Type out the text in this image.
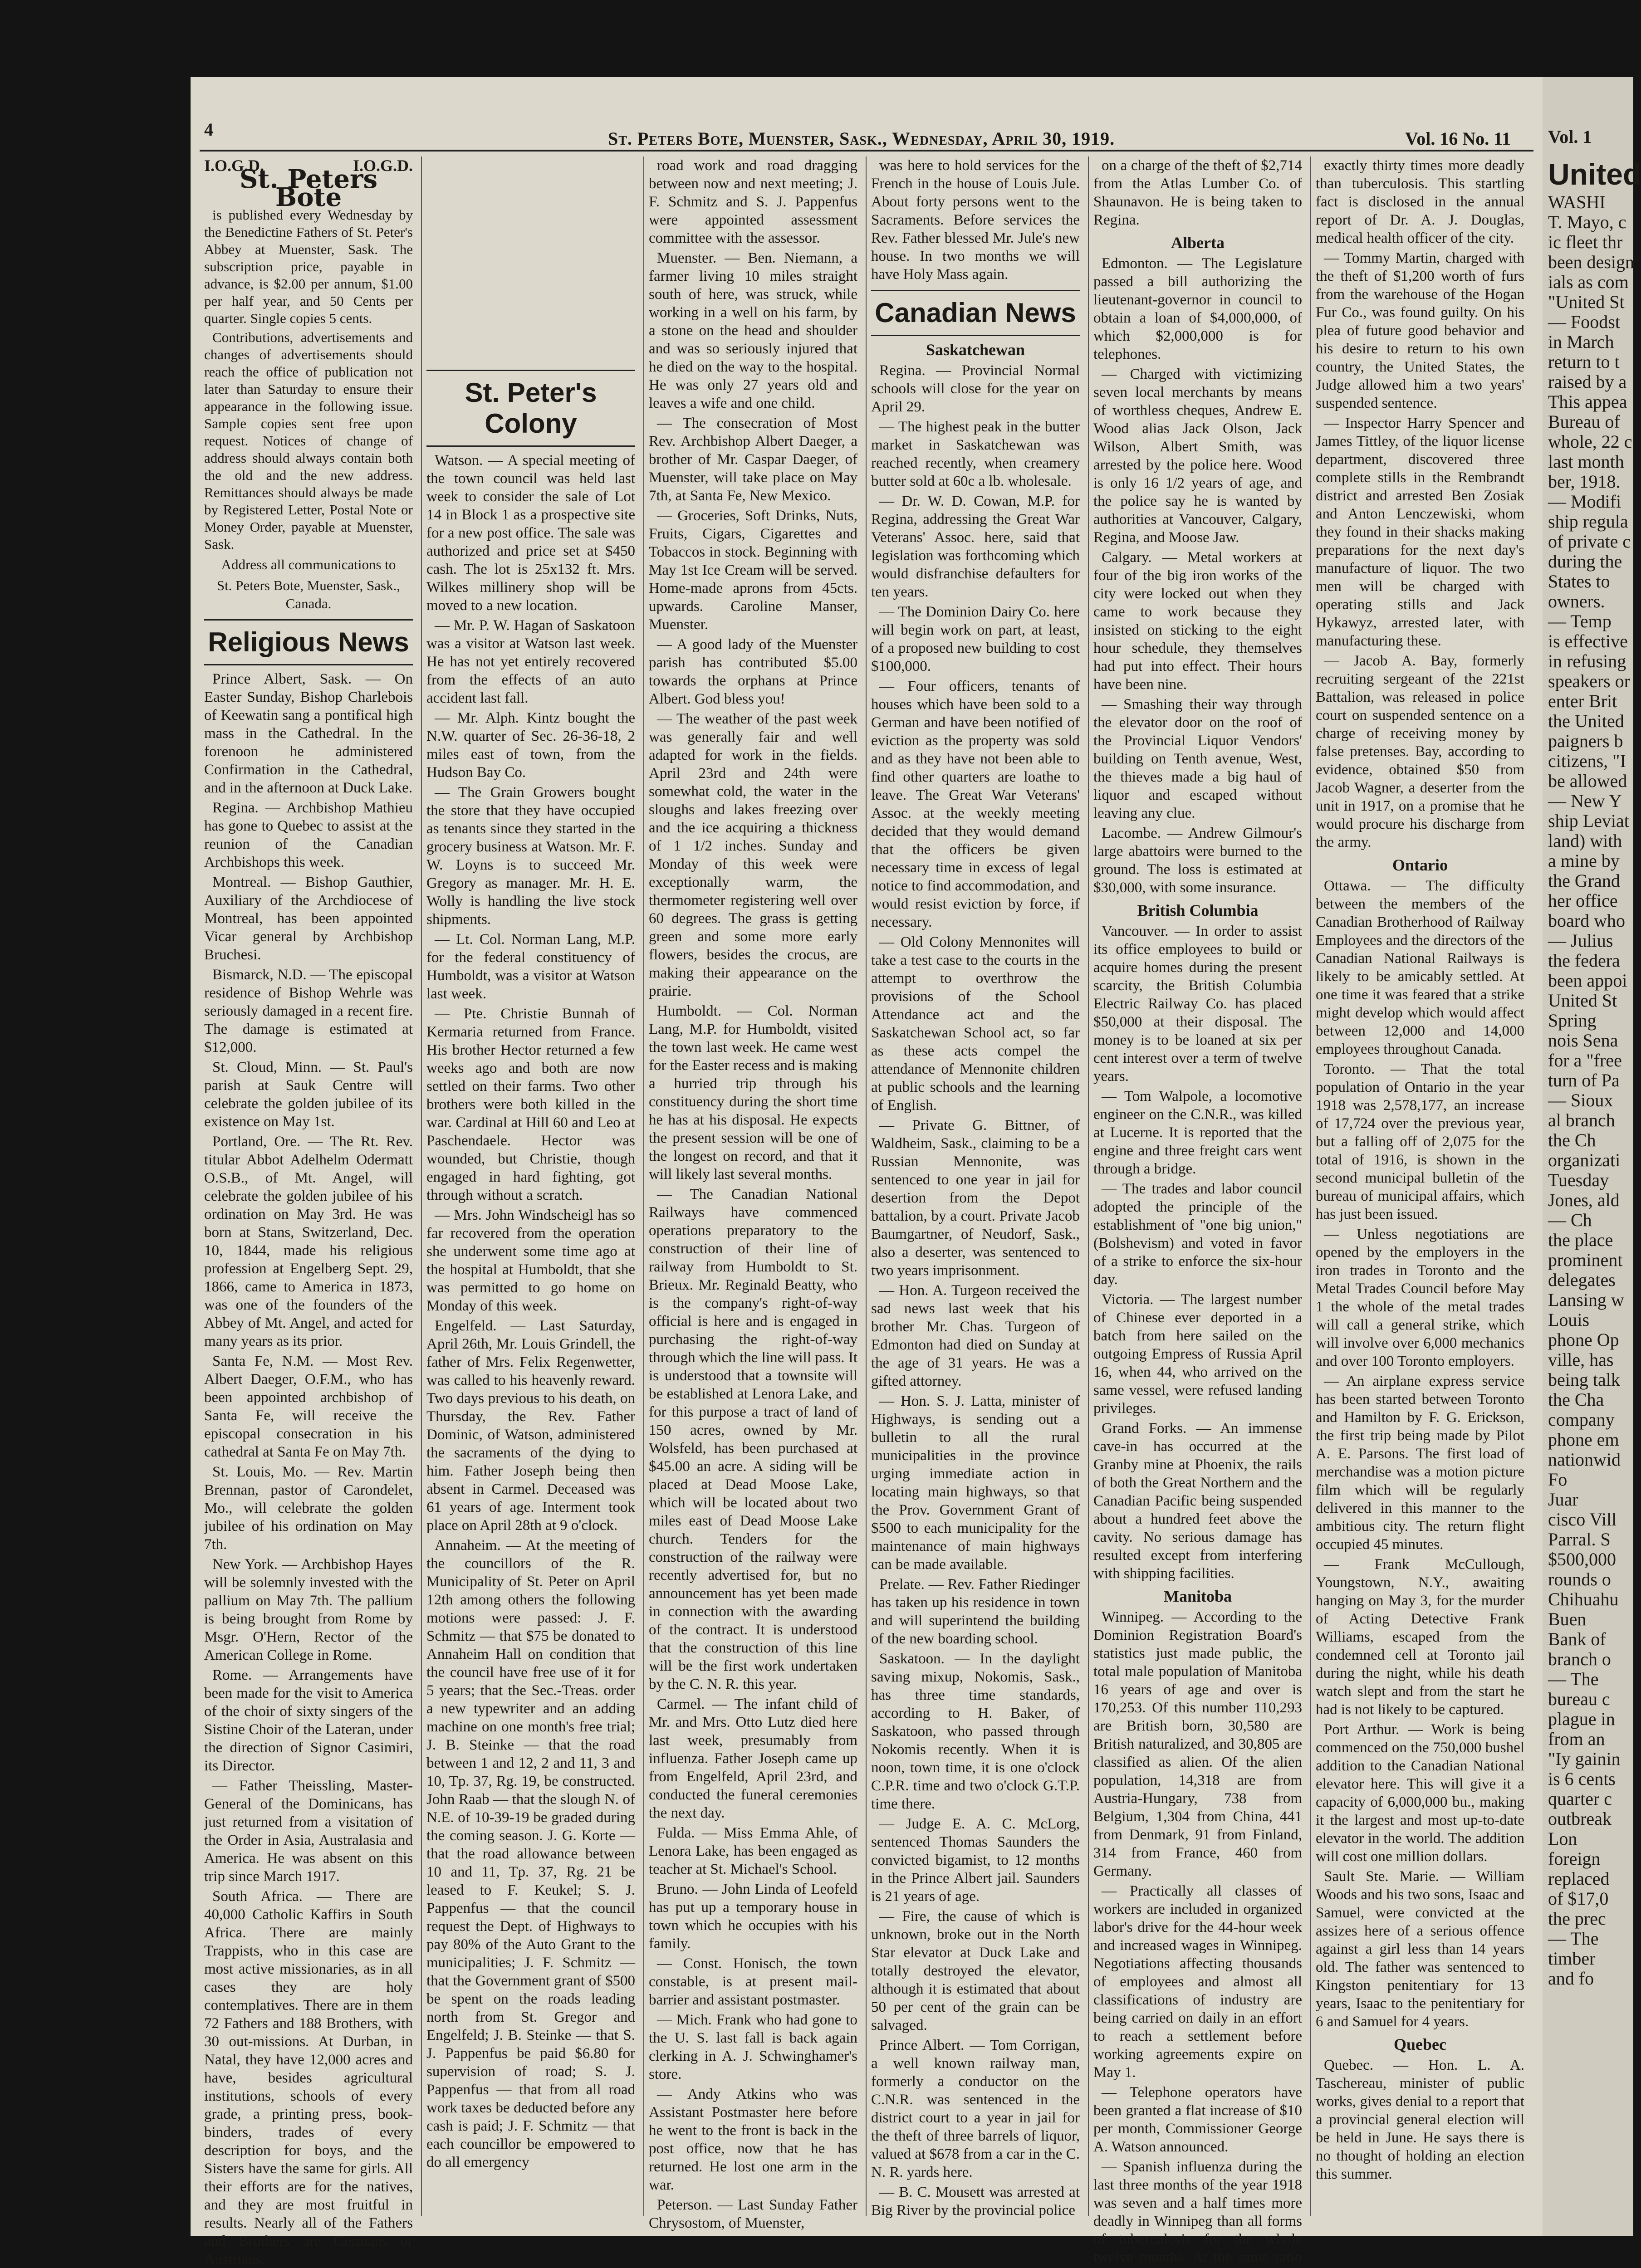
4	St. Peters Bote, Muenster, Sask., Wednesday, April 30, 1919.	Vol. 16 No. 11
I.O.G.D.	I.O.G.D.
St. Peters Bote

is published every Wednesday by the Benedictine Fathers of St. Peter's Abbey at Muenster, Sask. The subscription price, payable in advance, is $2.00 per annum, $1.00 per half year, and 50 Cents per quarter. Single copies 5 cents.

Contributions, advertisements and changes of advertisements should reach the office of publication not later than Saturday to ensure their appearance in the following issue. Sample copies sent free upon request. Notices of change of address should always contain both the old and the new address. Remittances should always be made by Registered Letter, Postal Note or Money Order, payable at Muenster, Sask.

Address all communications to
St. Peters Bote, Muenster, Sask., Canada.
Religious News

Prince Albert, Sask. — On Easter Sunday, Bishop Charlebois of Keewatin sang a pontifical high mass in the Cathedral. In the forenoon he administered Confirmation in the Cathedral, and in the afternoon at Duck Lake.

Regina. — Archbishop Mathieu has gone to Quebec to assist at the reunion of the Canadian Archbishops this week.

Montreal. — Bishop Gauthier, Auxiliary of the Archdiocese of Montreal, has been appointed Vicar general by Archbishop Bruchesi.

Bismarck, N.D. — The episcopal residence of Bishop Wehrle was seriously damaged in a recent fire. The damage is estimated at $12,000.

St. Cloud, Minn. — St. Paul's parish at Sauk Centre will celebrate the golden jubilee of its existence on May 1st.

Portland, Ore. — The Rt. Rev. titular Abbot Adelhelm Odermatt O.S.B., of Mt. Angel, will celebrate the golden jubilee of his ordination on May 3rd. He was born at Stans, Switzerland, Dec. 10, 1844, made his religious profession at Engelberg Sept. 29, 1866, came to America in 1873, was one of the founders of the Abbey of Mt. Angel, and acted for many years as its prior.

Santa Fe, N.M. — Most Rev. Albert Daeger, O.F.M., who has been appointed archbishop of Santa Fe, will receive the episcopal consecration in his cathedral at Santa Fe on May 7th.

St. Louis, Mo. — Rev. Martin Brennan, pastor of Carondelet, Mo., will celebrate the golden jubilee of his ordination on May 7th.

New York. — Archbishop Hayes will be solemnly invested with the pallium on May 7th. The pallium is being brought from Rome by Msgr. O'Hern, Rector of the American College in Rome.

Rome. — Arrangements have been made for the visit to America of the choir of sixty singers of the Sistine Choir of the Lateran, under the direction of Signor Casimiri, its Director.

— Father Theissling, Master-General of the Dominicans, has just returned from a visitation of the Order in Asia, Australasia and America. He was absent on this trip since March 1917.

South Africa. — There are 40,000 Catholic Kaffirs in South Africa. There are mainly Trappists, who in this case are most active missionaries, as in all cases they are holy contemplatives. There are in them 72 Fathers and 188 Brothers, with 30 out-missions. At Durban, in Natal, they have 12,000 acres and have, besides agricultural institutions, schools of every grade, a printing press, book-binders, trades of every description for boys, and the Sisters have the same for girls. All their efforts are for the natives, and they are most fruitful in results. Nearly all of the Fathers and Brothers are Germans or Austrians.

St. Peter's Colony

Watson. — A special meeting of the town council was held last week to consider the sale of Lot 14 in Block 1 as a prospective site for a new post office. The sale was authorized and price set at $450 cash. The lot is 25x132 ft. Mrs. Wilkes millinery shop will be moved to a new location.

— Mr. P. W. Hagan of Saskatoon was a visitor at Watson last week. He has not yet entirely recovered from the effects of an auto accident last fall.

— Mr. Alph. Kintz bought the N.W. quarter of Sec. 26-36-18, 2 miles east of town, from the Hudson Bay Co.

— The Grain Growers bought the store that they have occupied as tenants since they started in the grocery business at Watson. Mr. F. W. Loyns is to succeed Mr. Gregory as manager. Mr. H. E. Wolly is handling the live stock shipments.

— Lt. Col. Norman Lang, M.P. for the federal constituency of Humboldt, was a visitor at Watson last week.

— Pte. Christie Bunnah of Kermaria returned from France. His brother Hector returned a few weeks ago and both are now settled on their farms. Two other brothers were both killed in the war. Cardinal at Hill 60 and Leo at Paschendaele. Hector was wounded, but Christie, though engaged in hard fighting, got through without a scratch.

— Mrs. John Windscheigl has so far recovered from the operation she underwent some time ago at the hospital at Humboldt, that she was permitted to go home on Monday of this week.

Engelfeld. — Last Saturday, April 26th, Mr. Louis Grindell, the father of Mrs. Felix Regenwetter, was called to his heavenly reward. Two days previous to his death, on Thursday, the Rev. Father Dominic, of Watson, administered the sacraments of the dying to him. Father Joseph being then absent in Carmel. Deceased was 61 years of age. Interment took place on April 28th at 9 o'clock.

Annaheim. — At the meeting of the councillors of the R. Municipality of St. Peter on April 12th among others the following motions were passed: J. F. Schmitz — that $75 be donated to Annaheim Hall on condition that the council have free use of it for 5 years; that the Sec.-Treas. order a new typewriter and an adding machine on one month's free trial; J. B. Steinke — that the road between 1 and 12, 2 and 11, 3 and 10, Tp. 37, Rg. 19, be constructed. John Raab — that the slough N. of N.E. of 10-39-19 be graded during the coming season. J. G. Korte — that the road allowance between 10 and 11, Tp. 37, Rg. 21 be leased to F. Keukel; S. J. Pappenfus — that the council request the Dept. of Highways to pay 80% of the Auto Grant to the municipalities; J. F. Schmitz — that the Government grant of $500 be spent on the roads leading north from St. Gregor and Engelfeld; J. B. Steinke — that S. J. Pappenfus be paid $6.80 for supervision of road; S. J. Pappenfus — that from all road work taxes be deducted before any cash is paid; J. F. Schmitz — that each councillor be empowered to do all emergency

road work and road dragging between now and next meeting; J. F. Schmitz and S. J. Pappenfus were appointed assessment committee with the assessor.

Muenster. — Ben. Niemann, a farmer living 10 miles straight south of here, was struck, while working in a well on his farm, by a stone on the head and shoulder and was so seriously injured that he died on the way to the hospital. He was only 27 years old and leaves a wife and one child.

— The consecration of Most Rev. Archbishop Albert Daeger, a brother of Mr. Caspar Daeger, of Muenster, will take place on May 7th, at Santa Fe, New Mexico.

— Groceries, Soft Drinks, Nuts, Fruits, Cigars, Cigarettes and Tobaccos in stock. Beginning with May 1st Ice Cream will be served. Home-made aprons from 45cts. upwards. Caroline Manser, Muenster.

— A good lady of the Muenster parish has contributed $5.00 towards the orphans at Prince Albert. God bless you!

— The weather of the past week was generally fair and well adapted for work in the fields. April 23rd and 24th were somewhat cold, the water in the sloughs and lakes freezing over and the ice acquiring a thickness of 1 1/2 inches. Sunday and Monday of this week were exceptionally warm, the thermometer registering well over 60 degrees. The grass is getting green and some more early flowers, besides the crocus, are making their appearance on the prairie.

Humboldt. — Col. Norman Lang, M.P. for Humboldt, visited the town last week. He came west for the Easter recess and is making a hurried trip through his constituency during the short time he has at his disposal. He expects the present session will be one of the longest on record, and that it will likely last several months.

— The Canadian National Railways have commenced operations preparatory to the construction of their line of railway from Humboldt to St. Brieux. Mr. Reginald Beatty, who is the company's right-of-way official is here and is engaged in purchasing the right-of-way through which the line will pass. It is understood that a townsite will be established at Lenora Lake, and for this purpose a tract of land of 150 acres, owned by Mr. Wolsfeld, has been purchased at $45.00 an acre. A siding will be placed at Dead Moose Lake, which will be located about two miles east of Dead Moose Lake church. Tenders for the construction of the railway were recently advertised for, but no announcement has yet been made in connection with the awarding of the contract. It is understood that the construction of this line will be the first work undertaken by the C. N. R. this year.

Carmel. — The infant child of Mr. and Mrs. Otto Lutz died here last week, presumably from influenza. Father Joseph came up from Engelfeld, April 23rd, and conducted the funeral ceremonies the next day.

Fulda. — Miss Emma Ahle, of Lenora Lake, has been engaged as teacher at St. Michael's School.

Bruno. — John Linda of Leofeld has put up a temporary house in town which he occupies with his family.

— Const. Honisch, the town constable, is at present mail-barrier and assistant postmaster.

— Mich. Frank who had gone to the U. S. last fall is back again clerking in A. J. Schwinghamer's store.

— Andy Atkins who was Assistant Postmaster here before he went to the front is back in the post office, now that he has returned. He lost one arm in the war.

Peterson. — Last Sunday Father Chrysostom, of Muenster,

was here to hold services for the French in the house of Louis Jule. About forty persons went to the Sacraments. Before services the Rev. Father blessed Mr. Jule's new house. In two months we will have Holy Mass again.

Canadian News
Saskatchewan

Regina. — Provincial Normal schools will close for the year on April 29.

— The highest peak in the butter market in Saskatchewan was reached recently, when creamery butter sold at 60c a lb. wholesale.

— Dr. W. D. Cowan, M.P. for Regina, addressing the Great War Veterans' Assoc. here, said that legislation was forthcoming which would disfranchise defaulters for ten years.

— The Dominion Dairy Co. here will begin work on part, at least, of a proposed new building to cost $100,000.

— Four officers, tenants of houses which have been sold to a German and have been notified of eviction as the property was sold and as they have not been able to find other quarters are loathe to leave. The Great War Veterans' Assoc. at the weekly meeting decided that they would demand that the officers be given necessary time in excess of legal notice to find accommodation, and would resist eviction by force, if necessary.

— Old Colony Mennonites will take a test case to the courts in the attempt to overthrow the provisions of the School Attendance act and the Saskatchewan School act, so far as these acts compel the attendance of Mennonite children at public schools and the learning of English.

— Private G. Bittner, of Waldheim, Sask., claiming to be a Russian Mennonite, was sentenced to one year in jail for desertion from the Depot battalion, by a court. Private Jacob Baumgartner, of Neudorf, Sask., also a deserter, was sentenced to two years imprisonment.

— Hon. A. Turgeon received the sad news last week that his brother Mr. Chas. Turgeon of Edmonton had died on Sunday at the age of 31 years. He was a gifted attorney.

— Hon. S. J. Latta, minister of Highways, is sending out a bulletin to all the rural municipalities in the province urging immediate action in locating main highways, so that the Prov. Government Grant of $500 to each municipality for the maintenance of main highways can be made available.

Prelate. — Rev. Father Riedinger has taken up his residence in town and will superintend the building of the new boarding school.

Saskatoon. — In the daylight saving mixup, Nokomis, Sask., has three time standards, according to H. Baker, of Saskatoon, who passed through Nokomis recently. When it is noon, town time, it is one o'clock C.P.R. time and two o'clock G.T.P. time there.

— Judge E. A. C. McLorg, sentenced Thomas Saunders the convicted bigamist, to 12 months in the Prince Albert jail. Saunders is 21 years of age.

— Fire, the cause of which is unknown, broke out in the North Star elevator at Duck Lake and totally destroyed the elevator, although it is estimated that about 50 per cent of the grain can be salvaged.

Prince Albert. — Tom Corrigan, a well known railway man, formerly a conductor on the C.N.R. was sentenced in the district court to a year in jail for the theft of three barrels of liquor, valued at $678 from a car in the C. N. R. yards here.

— B. C. Mousett was arrested at Big River by the provincial police

on a charge of the theft of $2,714 from the Atlas Lumber Co. of Shaunavon. He is being taken to Regina.

Alberta

Edmonton. — The Legislature passed a bill authorizing the lieutenant-governor in council to obtain a loan of $4,000,000, of which $2,000,000 is for telephones.

— Charged with victimizing seven local merchants by means of worthless cheques, Andrew E. Wood alias Jack Olson, Jack Wilson, Albert Smith, was arrested by the police here. Wood is only 16 1/2 years of age, and the police say he is wanted by authorities at Vancouver, Calgary, Regina, and Moose Jaw.

Calgary. — Metal workers at four of the big iron works of the city were locked out when they came to work because they insisted on sticking to the eight hour schedule, they themselves had put into effect. Their hours have been nine.

— Smashing their way through the elevator door on the roof of the Provincial Liquor Vendors' building on Tenth avenue, West, the thieves made a big haul of liquor and escaped without leaving any clue.

Lacombe. — Andrew Gilmour's large abattoirs were burned to the ground. The loss is estimated at $30,000, with some insurance.

British Columbia

Vancouver. — In order to assist its office employees to build or acquire homes during the present scarcity, the British Columbia Electric Railway Co. has placed $50,000 at their disposal. The money is to be loaned at six per cent interest over a term of twelve years.

— Tom Walpole, a locomotive engineer on the C.N.R., was killed at Lucerne. It is reported that the engine and three freight cars went through a bridge.

— The trades and labor council adopted the principle of the establishment of "one big union," (Bolshevism) and voted in favor of a strike to enforce the six-hour day.

Victoria. — The largest number of Chinese ever deported in a batch from here sailed on the outgoing Empress of Russia April 16, when 44, who arrived on the same vessel, were refused landing privileges.

Grand Forks. — An immense cave-in has occurred at the Granby mine at Phoenix, the rails of both the Great Northern and the Canadian Pacific being suspended about a hundred feet above the cavity. No serious damage has resulted except from interfering with shipping facilities.

Manitoba

Winnipeg. — According to the Dominion Registration Board's statistics just made public, the total male population of Manitoba 16 years of age and over is 170,253. Of this number 110,293 are British born, 30,580 are British naturalized, and 30,805 are classified as alien. Of the alien population, 14,318 are from Austria-Hungary, 738 from Belgium, 1,304 from China, 441 from Denmark, 91 from Finland, 314 from France, 460 from Germany.

— Practically all classes of workers are included in organized labor's drive for the 44-hour week and increased wages in Winnipeg. Negotiations affecting thousands of employees and almost all classifications of industry are being carried on daily in an effort to reach a settlement before working agreements expire on May 1.

— Telephone operators have been granted a flat increase of $10 per month, Commissioner George A. Watson announced.

— Spanish influenza during the last three months of the year 1918 was seven and a half times more deadly in Winnipeg than all forms of tuberculosis for the whole twelve months. At the same ratio

exactly thirty times more deadly than tuberculosis. This startling fact is disclosed in the annual report of Dr. A. J. Douglas, medical health officer of the city.

— Tommy Martin, charged with the theft of $1,200 worth of furs from the warehouse of the Hogan Fur Co., was found guilty. On his plea of future good behavior and his desire to return to his own country, the United States, the Judge allowed him a two years' suspended sentence.

— Inspector Harry Spencer and James Tittley, of the liquor license department, discovered three complete stills in the Rembrandt district and arrested Ben Zosiak and Anton Lenczewiski, whom they found in their shacks making preparations for the next day's manufacture of liquor. The two men will be charged with operating stills and Jack Hykawyz, arrested later, with manufacturing these.

— Jacob A. Bay, formerly recruiting sergeant of the 221st Battalion, was released in police court on suspended sentence on a charge of receiving money by false pretenses. Bay, according to evidence, obtained $50 from Jacob Wagner, a deserter from the unit in 1917, on a promise that he would procure his discharge from the army.

Ontario

Ottawa. — The difficulty between the members of the Canadian Brotherhood of Railway Employees and the directors of the Canadian National Railways is likely to be amicably settled. At one time it was feared that a strike might develop which would affect between 12,000 and 14,000 employees throughout Canada.

Toronto. — That the total population of Ontario in the year 1918 was 2,578,177, an increase of 17,724 over the previous year, but a falling off of 2,075 for the total of 1916, is shown in the second municipal bulletin of the bureau of municipal affairs, which has just been issued.

— Unless negotiations are opened by the employers in the iron trades in Toronto and the Metal Trades Council before May 1 the whole of the metal trades will call a general strike, which will involve over 6,000 mechanics and over 100 Toronto employers.

— An airplane express service has been started between Toronto and Hamilton by F. G. Erickson, the first trip being made by Pilot A. E. Parsons. The first load of merchandise was a motion picture film which will be regularly delivered in this manner to the ambitious city. The return flight occupied 45 minutes.

— Frank McCullough, Youngstown, N.Y., awaiting hanging on May 3, for the murder of Acting Detective Frank Williams, escaped from the condemned cell at Toronto jail during the night, while his death watch slept and from the start he had is not likely to be captured.

Port Arthur. — Work is being commenced on the 750,000 bushel addition to the Canadian National elevator here. This will give it a capacity of 6,000,000 bu., making it the largest and most up-to-date elevator in the world. The addition will cost one million dollars.

Sault Ste. Marie. — William Woods and his two sons, Isaac and Samuel, were convicted at the assizes here of a serious offence against a girl less than 14 years old. The father was sentenced to Kingston penitentiary for 13 years, Isaac to the penitentiary for 6 and Samuel for 4 years.

Quebec

Quebec. — Hon. L. A. Taschereau, minister of public works, gives denial to a report that a provincial general election will be held in June. He says there is no thought of holding an election this summer.

Vol. 1

United

WASHI

T. Mayo, c

ic fleet thr

been design

ials as com

"United St

— Foodst

in March

return to t

raised by a

This appea

Bureau of

whole, 22 c

last month

ber, 1918.

— Modifi

ship regula

of private c

during the

States to

owners.

— Temp

is effective

in refusing

speakers or

enter Brit

the United

paigners b

citizens, "I

be allowed

— New Y

ship Leviat

land) with

a mine by

the Grand

her office

board who

— Julius

the federa

been appoi

United St

Spring

nois Sena

for a "free

turn of Pa

— Sioux

al branch

the Ch

organizati

Tuesday

Jones, ald

— Ch

the place

prominent

delegates

Lansing w

Louis

phone Op

ville, has

being talk

the Cha

company

phone em

nationwid

Fo

Juar

cisco Vill

Parral. S

$500,000

rounds o

Chihuahu

Buen

Bank of

branch o

— The

bureau c

plague in

from an

"Iy gainin

is 6 cents

quarter c

outbreak

Lon

foreign

replaced

of $17,0

the prec

— The

timber

and fo
